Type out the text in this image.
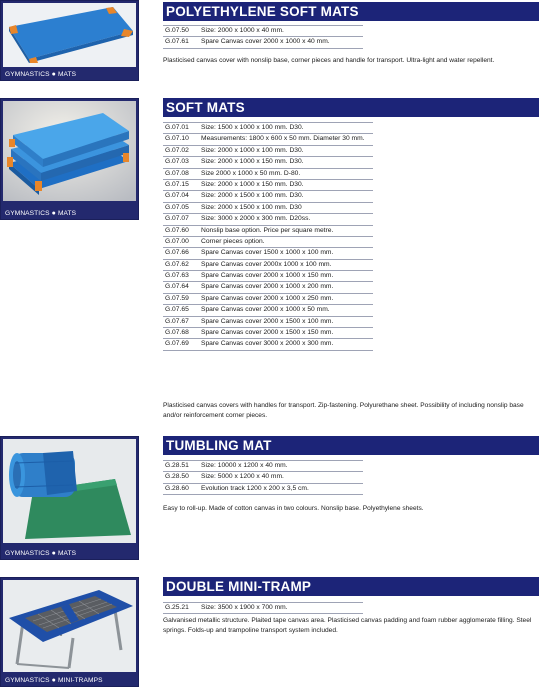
GYMNASTICS ● MATS
POLYETHYLENE SOFT MATS
G.07.50 Size: 2000 x 1000 x 40 mm.
G.07.61 Spare Canvas cover 2000 x 1000 x 40 mm.
Plasticised canvas cover with nonslip base, corner pieces and handle for transport. Ultra-light and water repellent.
GYMNASTICS ● MATS
SOFT MATS
G.07.01 Size: 1500 x 1000 x 100 mm. D30.
G.07.10 Measurements: 1800 x 600 x 50 mm. Diameter 30 mm.
G.07.02 Size: 2000 x 1000 x 100 mm. D30.
G.07.03 Size: 2000 x 1000 x 150 mm. D30.
G.07.08 Size 2000 x 1000 x 50 mm. D-80.
G.07.15 Size: 2000 x 1000 x 150 mm. D30.
G.07.04 Size: 2000 x 1500 x 100 mm. D30.
G.07.05 Size: 2000 x 1500 x 100 mm. D30
G.07.07 Size: 3000 x 2000 x 300 mm. D20ss.
G.07.60 Nonslip base option. Price per square metre.
G.07.00 Corner pieces option.
G.07.66 Spare Canvas cover 1500 x 1000 x 100 mm.
G.07.62 Spare Canvas cover 2000x 1000 x 100 mm.
G.07.63 Spare Canvas cover 2000 x 1000 x 150 mm.
G.07.64 Spare Canvas cover 2000 x 1000 x 200 mm.
G.07.59 Spare Canvas cover 2000 x 1000 x 250 mm.
G.07.65 Spare Canvas cover 2000 x 1000 x 50 mm.
G.07.67 Spare Canvas cover 2000 x 1500 x 100 mm.
G.07.68 Spare Canvas cover 2000 x 1500 x 150 mm.
G.07.69 Spare Canvas cover 3000 x 2000 x 300 mm.
Plasticised canvas covers with handles for transport. Zip-fastening. Polyurethane sheet. Possibility of including nonslip base and/or reinforcement corner pieces.
GYMNASTICS ● MATS
TUMBLING MAT
G.28.51 Size: 10000 x 1200 x 40 mm.
G.28.50 Size: 5000 x 1200 x 40 mm.
G.28.60 Evolution track 1200 x 200 x 3,5 cm.
Easy to roll-up. Made of cotton canvas in two colours. Nonslip base. Polyethylene sheets.
GYMNASTICS ● MINI-TRAMPS
DOUBLE MINI-TRAMP
G.25.21 Size: 3500 x 1900 x 700 mm.
Galvanised metallic structure. Plaited tape canvas area. Plasticised canvas padding and foam rubber agglomerate filling. Steel springs. Folds-up and trampoline transport system included.
